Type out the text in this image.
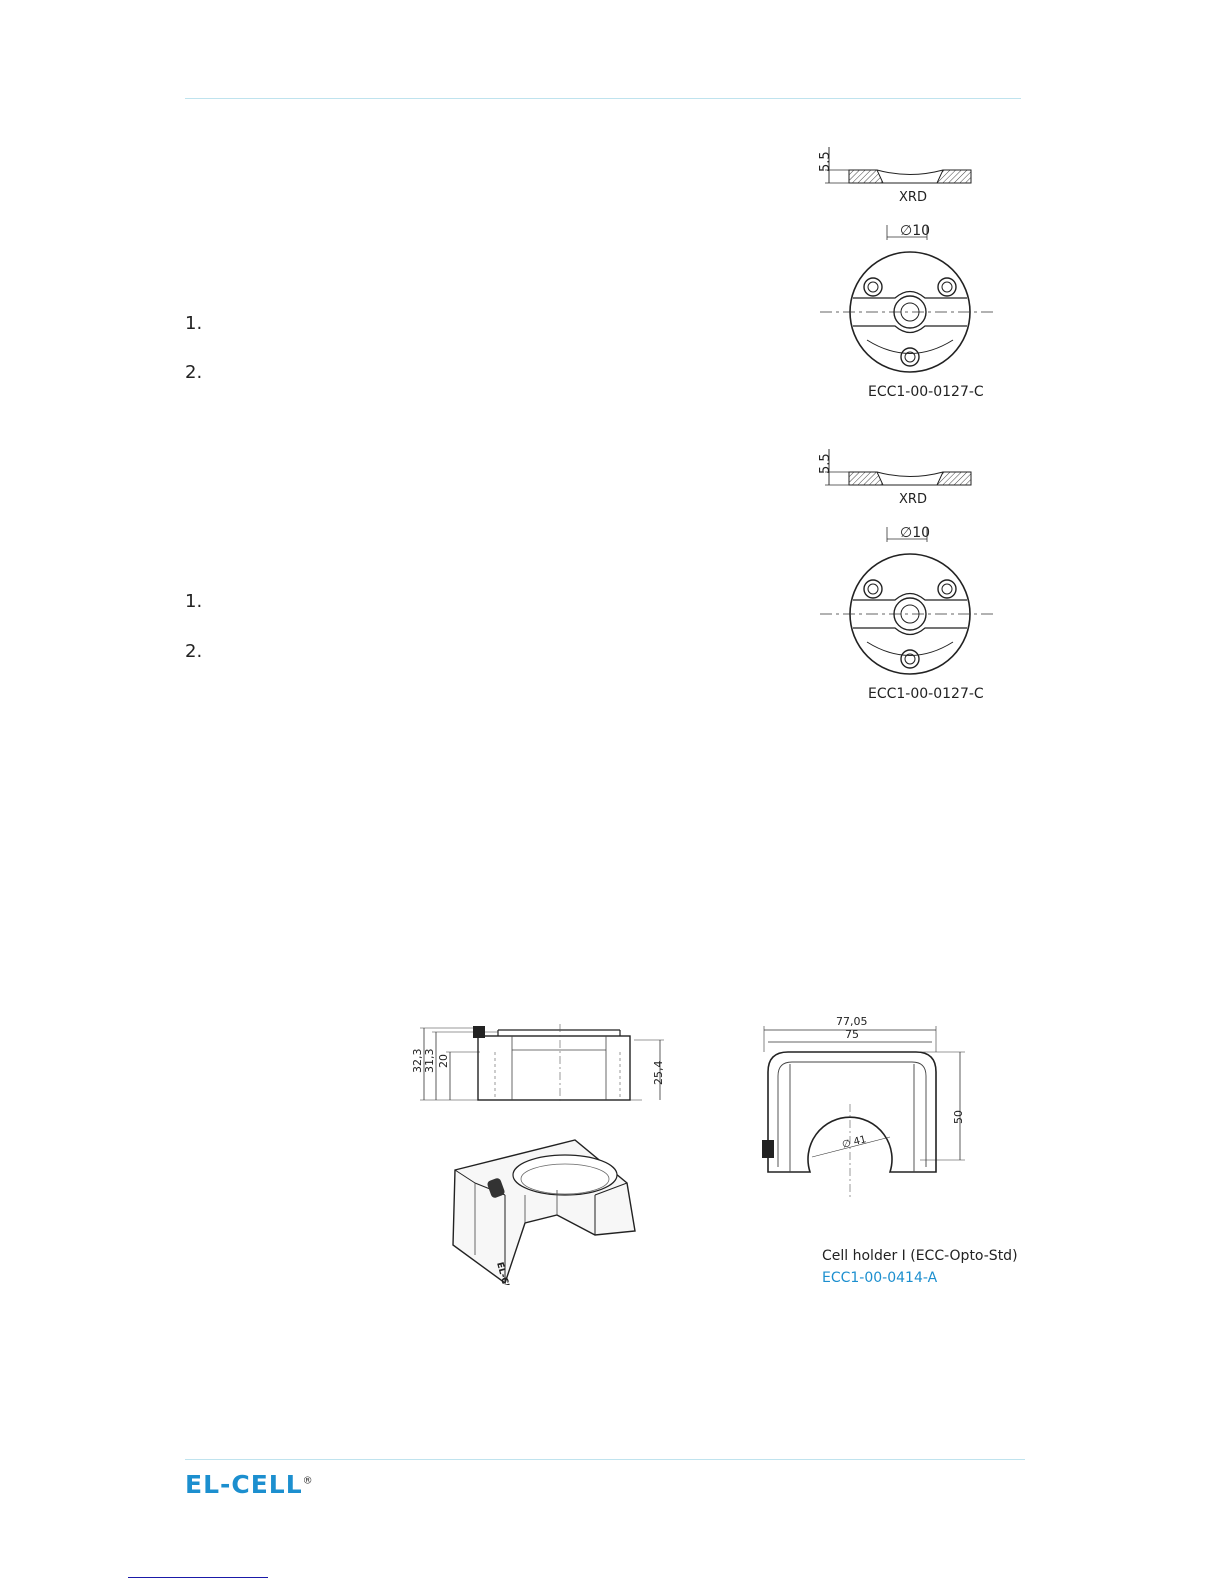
1.
2.
1.
2.
5.5
XRD
∅10
ECC1-00-0127-C
5.5
XRD
∅10
ECC1-00-0127-C
32,3 31,3 20	25,4
EL-CELL
77,05
75
50
∅ 41
Cell holder I (ECC-Opto-Std)
ECC1-00-0414-A
EL-CELL®
